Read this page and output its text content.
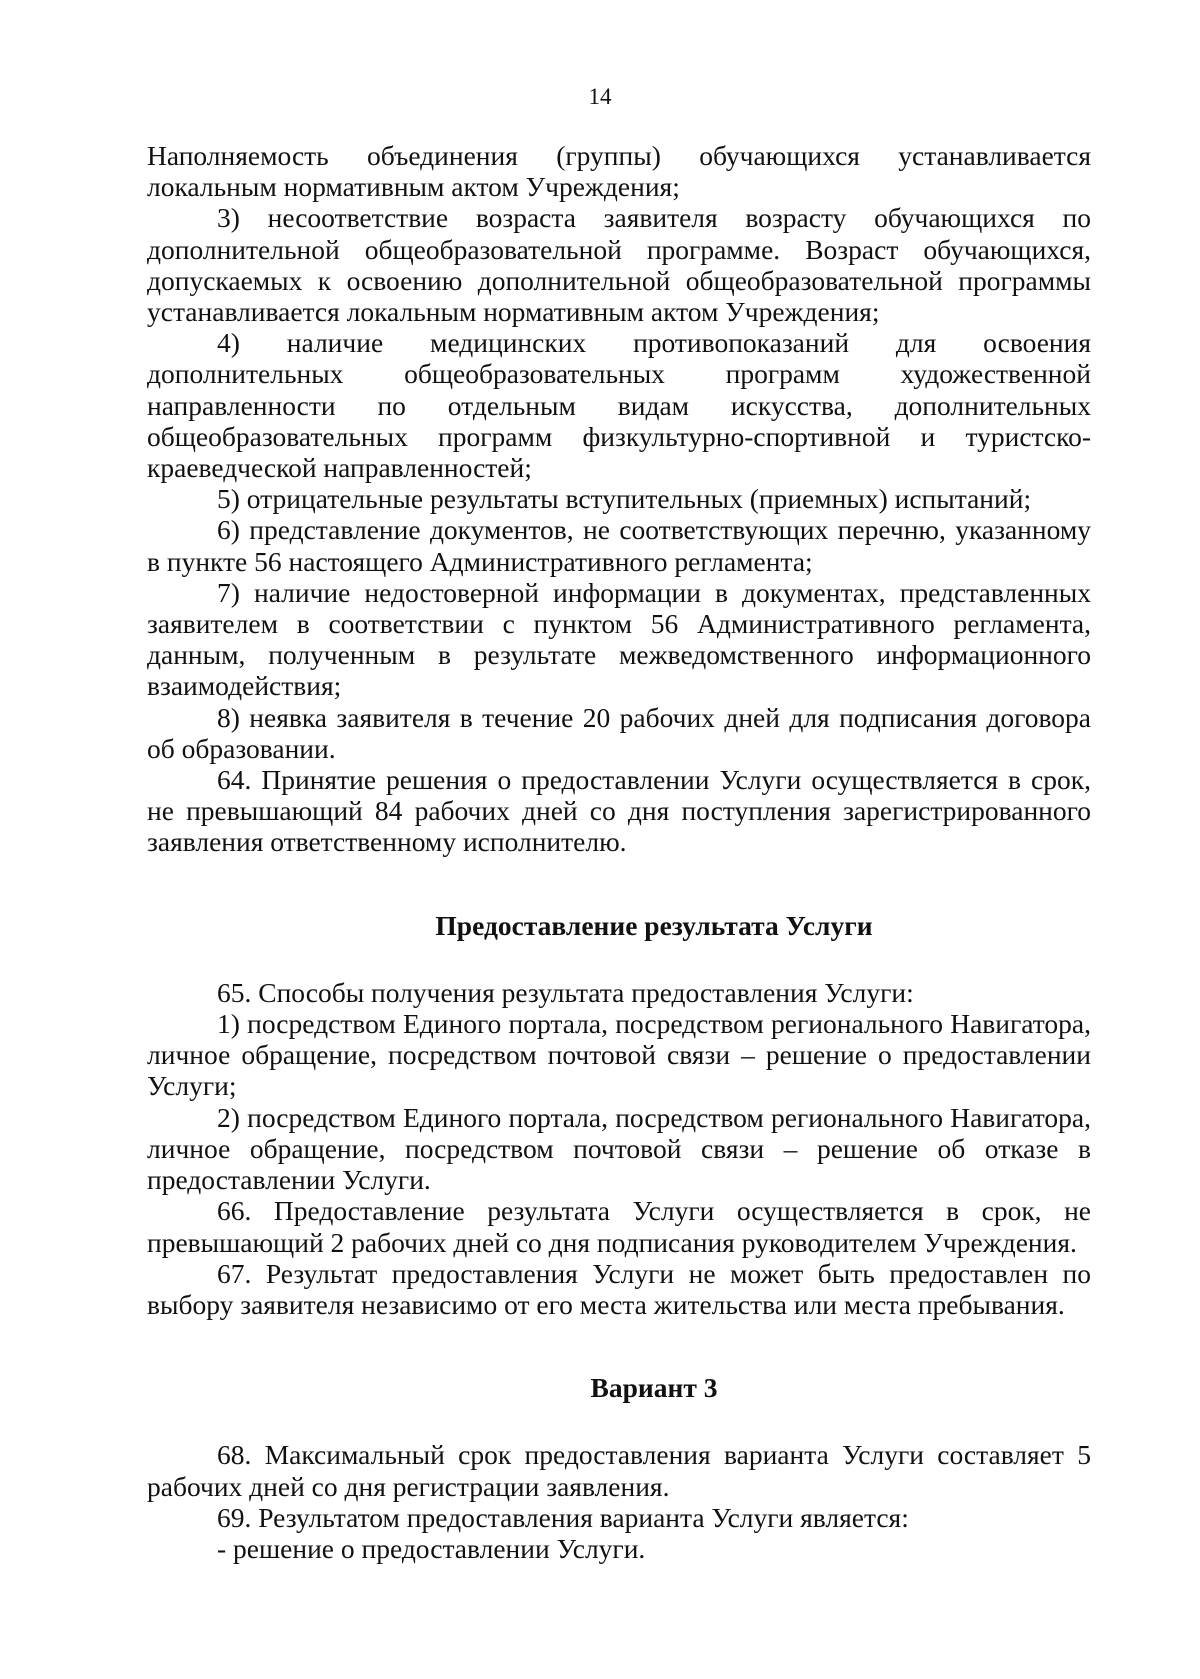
14

Наполняемость объединения (группы) обучающихся устанавливается локальным нормативным актом Учреждения;

3) несоответствие возраста заявителя возрасту обучающихся по дополнительной общеобразовательной программе. Возраст обучающихся, допускаемых к освоению дополнительной общеобразовательной программы устанавливается локальным нормативным актом Учреждения;

4) наличие медицинских противопоказаний для освоения дополнительных общеобразовательных программ художественной направленности по отдельным видам искусства, дополнительных общеобразовательных программ физкультурно-спортивной и туристско-краеведческой направленностей;

5) отрицательные результаты вступительных (приемных) испытаний;

6) представление документов, не соответствующих перечню, указанному в пункте 56 настоящего Административного регламента;

7) наличие недостоверной информации в документах, представленных заявителем в соответствии с пунктом 56 Административного регламента, данным, полученным в результате межведомственного информационного взаимодействия;

8) неявка заявителя в течение 20 рабочих дней для подписания договора об образовании.

64. Принятие решения о предоставлении Услуги осуществляется в срок, не превышающий 84 рабочих дней со дня поступления зарегистрированного заявления ответственному исполнителю.

Предоставление результата Услуги

65. Способы получения результата предоставления Услуги:

1) посредством Единого портала, посредством регионального Навигатора, личное обращение, посредством почтовой связи – решение о предоставлении Услуги;

2) посредством Единого портала, посредством регионального Навигатора, личное обращение, посредством почтовой связи – решение об отказе в предоставлении Услуги.

66. Предоставление результата Услуги осуществляется в срок, не превышающий 2 рабочих дней со дня подписания руководителем Учреждения.

67. Результат предоставления Услуги не может быть предоставлен по выбору заявителя независимо от его места жительства или места пребывания.

Вариант 3

68. Максимальный срок предоставления варианта Услуги составляет 5 рабочих дней со дня регистрации заявления.

69. Результатом предоставления варианта Услуги является:

- решение о предоставлении Услуги.
